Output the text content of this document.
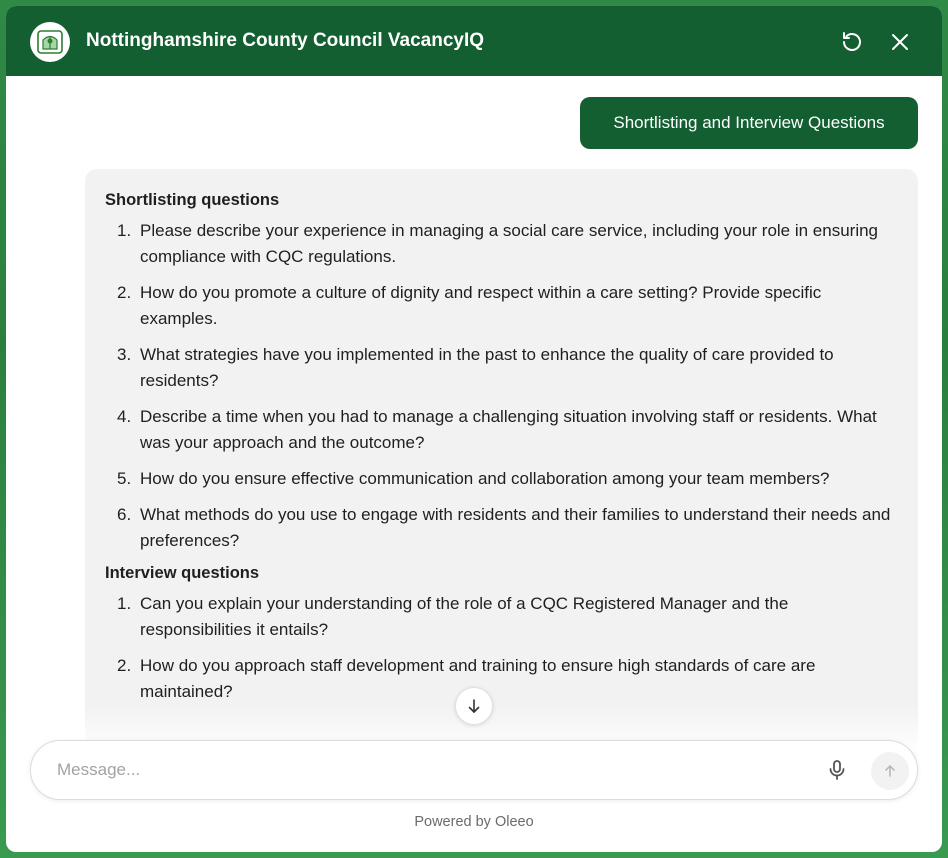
Nottinghamshire County Council VacancyIQ
Shortlisting and Interview Questions
Shortlisting questions
1. Please describe your experience in managing a social care service, including your role in ensuring compliance with CQC regulations.
2. How do you promote a culture of dignity and respect within a care setting? Provide specific examples.
3. What strategies have you implemented in the past to enhance the quality of care provided to residents?
4. Describe a time when you had to manage a challenging situation involving staff or residents. What was your approach and the outcome?
5. How do you ensure effective communication and collaboration among your team members?
6. What methods do you use to engage with residents and their families to understand their needs and preferences?
Interview questions
1. Can you explain your understanding of the role of a CQC Registered Manager and the responsibilities it entails?
2. How do you approach staff development and training to ensure high standards of care are maintained?
Message...
Powered by Oleeo
